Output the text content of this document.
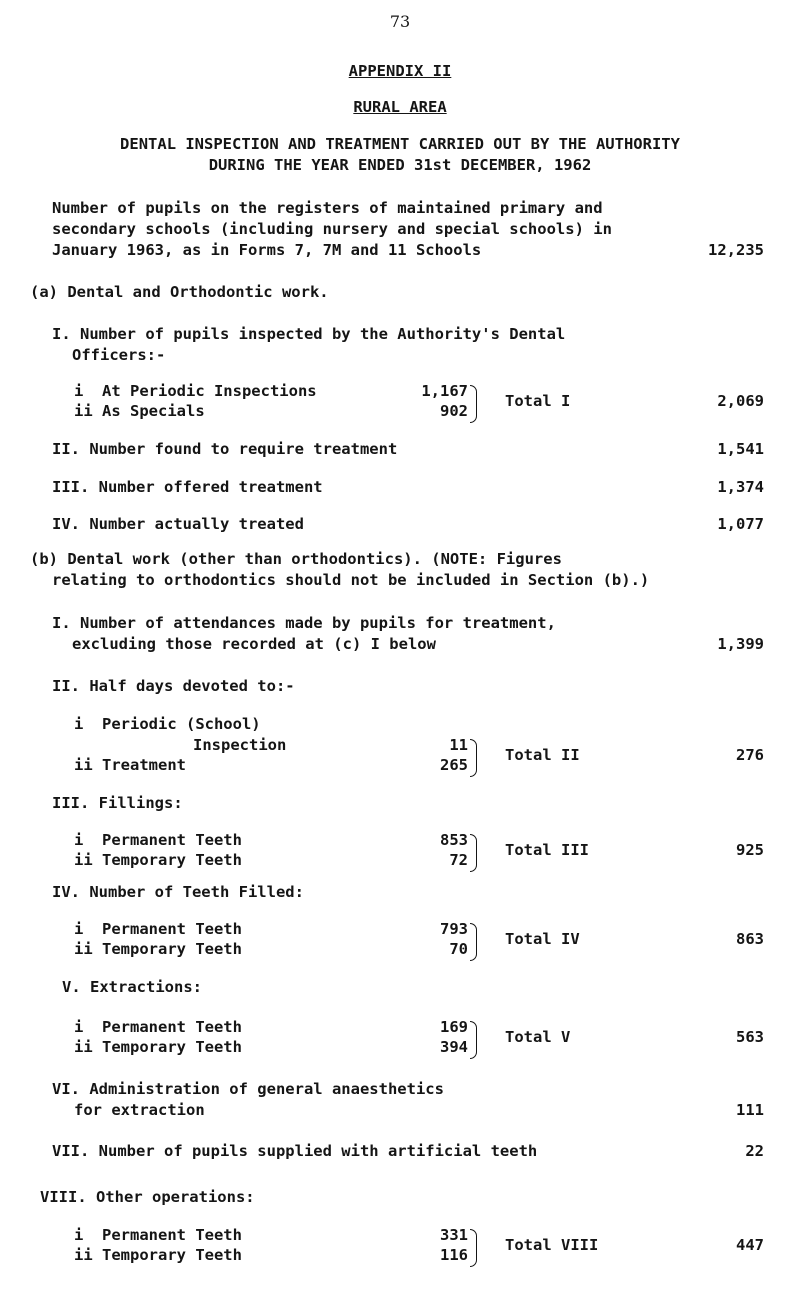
73
APPENDIX II
RURAL AREA
DENTAL INSPECTION AND TREATMENT CARRIED OUT BY THE AUTHORITY
DURING THE YEAR ENDED 31st DECEMBER, 1962
Number of pupils on the registers of maintained primary and
secondary schools (including nursery and special schools) in
January 1963, as in Forms 7, 7M and 11 Schools	12,235
(a) Dental and Orthodontic work.
I. Number of pupils inspected by the Authority's Dental
Officers:-
i  At Periodic Inspections	1,167
ii As Specials	902
Total I	2,069
II. Number found to require treatment	1,541
III. Number offered treatment	1,374
IV. Number actually treated	1,077
(b) Dental work (other than orthodontics). (NOTE: Figures
relating to orthodontics should not be included in Section (b).)
I. Number of attendances made by pupils for treatment,
excluding those recorded at (c) I below	1,399
II. Half days devoted to:-
i  Periodic (School)
Inspection	11
ii Treatment	265
Total II	276
III. Fillings:
i  Permanent Teeth	853
ii Temporary Teeth	72
Total III	925
IV. Number of Teeth Filled:
i  Permanent Teeth	793
ii Temporary Teeth	70
Total IV	863
V. Extractions:
i  Permanent Teeth	169
ii Temporary Teeth	394
Total V	563
VI. Administration of general anaesthetics
for extraction	111
VII. Number of pupils supplied with artificial teeth	22
VIII. Other operations:
i  Permanent Teeth	331
ii Temporary Teeth	116
Total VIII	447
